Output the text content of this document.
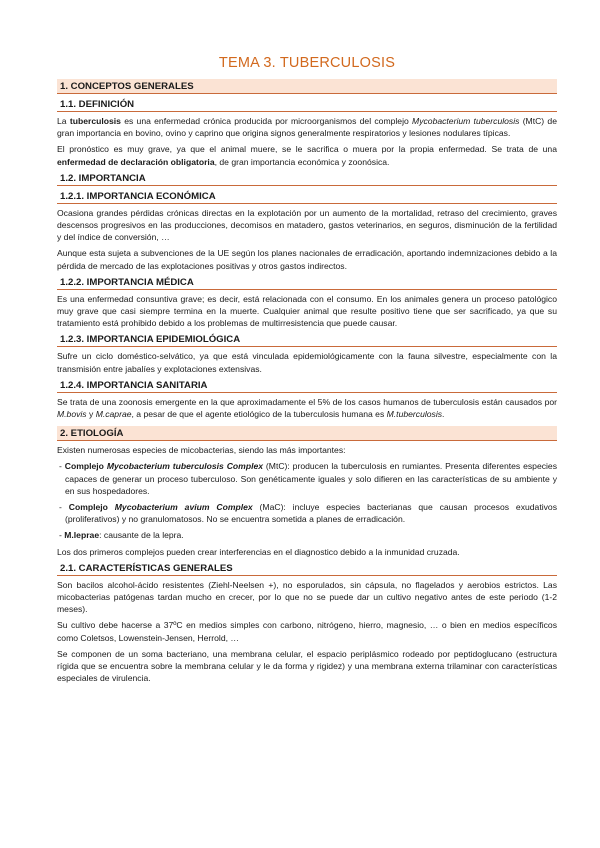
TEMA 3. TUBERCULOSIS
1. CONCEPTOS GENERALES
1.1. DEFINICIÓN

La tuberculosis es una enfermedad crónica producida por microorganismos del complejo Mycobacterium tuberculosis (MtC) de gran importancia en bovino, ovino y caprino que origina signos generalmente respiratorios y lesiones nodulares típicas.

El pronóstico es muy grave, ya que el animal muere, se le sacrifica o muera por la propia enfermedad. Se trata de una enfermedad de declaración obligatoria, de gran importancia económica y zoonósica.

1.2. IMPORTANCIA
1.2.1. IMPORTANCIA ECONÓMICA

Ocasiona grandes pérdidas crónicas directas en la explotación por un aumento de la mortalidad, retraso del crecimiento, graves descensos progresivos en las producciones, decomisos en matadero, gastos veterinarios, en seguros, disminución de la fertilidad y del índice de conversión, …

Aunque esta sujeta a subvenciones de la UE según los planes nacionales de erradicación, aportando indemnizaciones debido a la pérdida de mercado de las explotaciones positivas y otros gastos indirectos.

1.2.2. IMPORTANCIA MÉDICA

Es una enfermedad consuntiva grave; es decir, está relacionada con el consumo. En los animales genera un proceso patológico muy grave que casi siempre termina en la muerte. Cualquier animal que resulte positivo tiene que ser sacrificado, ya que su tratamiento está prohibido debido a los problemas de multirresistencia que puede causar.

1.2.3. IMPORTANCIA EPIDEMIOLÓGICA

Sufre un ciclo doméstico-selvático, ya que está vinculada epidemiológicamente con la fauna silvestre, especialmente con la transmisión entre jabalíes y explotaciones extensivas.

1.2.4. IMPORTANCIA SANITARIA

Se trata de una zoonosis emergente en la que aproximadamente el 5% de los casos humanos de tuberculosis están causados por M.bovis y M.caprae, a pesar de que el agente etiológico de la tuberculosis humana es M.tuberculosis.

2. ETIOLOGÍA

Existen numerosas especies de micobacterias, siendo las más importantes:

- Complejo Mycobacterium tuberculosis Complex (MtC): producen la tuberculosis en rumiantes. Presenta diferentes especies capaces de generar un proceso tuberculoso. Son genéticamente iguales y solo difieren en las características de su ambiente y en sus hospedadores.
- Complejo Mycobacterium avium Complex (MaC): incluye especies bacterianas que causan procesos exudativos (proliferativos) y no granulomatosos. No se encuentra sometida a planes de erradicación.
- M.leprae: causante de la lepra.

Los dos primeros complejos pueden crear interferencias en el diagnostico debido a la inmunidad cruzada.

2.1. CARACTERÍSTICAS GENERALES

Son bacilos alcohol-ácido resistentes (Ziehl-Neelsen +), no esporulados, sin cápsula, no flagelados y aerobios estrictos. Las micobacterias patógenas tardan mucho en crecer, por lo que no se puede dar un cultivo negativo antes de este periodo (1-2 meses).

Su cultivo debe hacerse a 37ºC en medios simples con carbono, nitrógeno, hierro, magnesio, … o bien en medios específicos como Coletsos, Lowenstein-Jensen, Herrold, …

Se componen de un soma bacteriano, una membrana celular, el espacio periplásmico rodeado por peptidoglucano (estructura rígida que se encuentra sobre la membrana celular y le da forma y rigidez) y una membrana externa trilaminar con características especiales de virulencia.
